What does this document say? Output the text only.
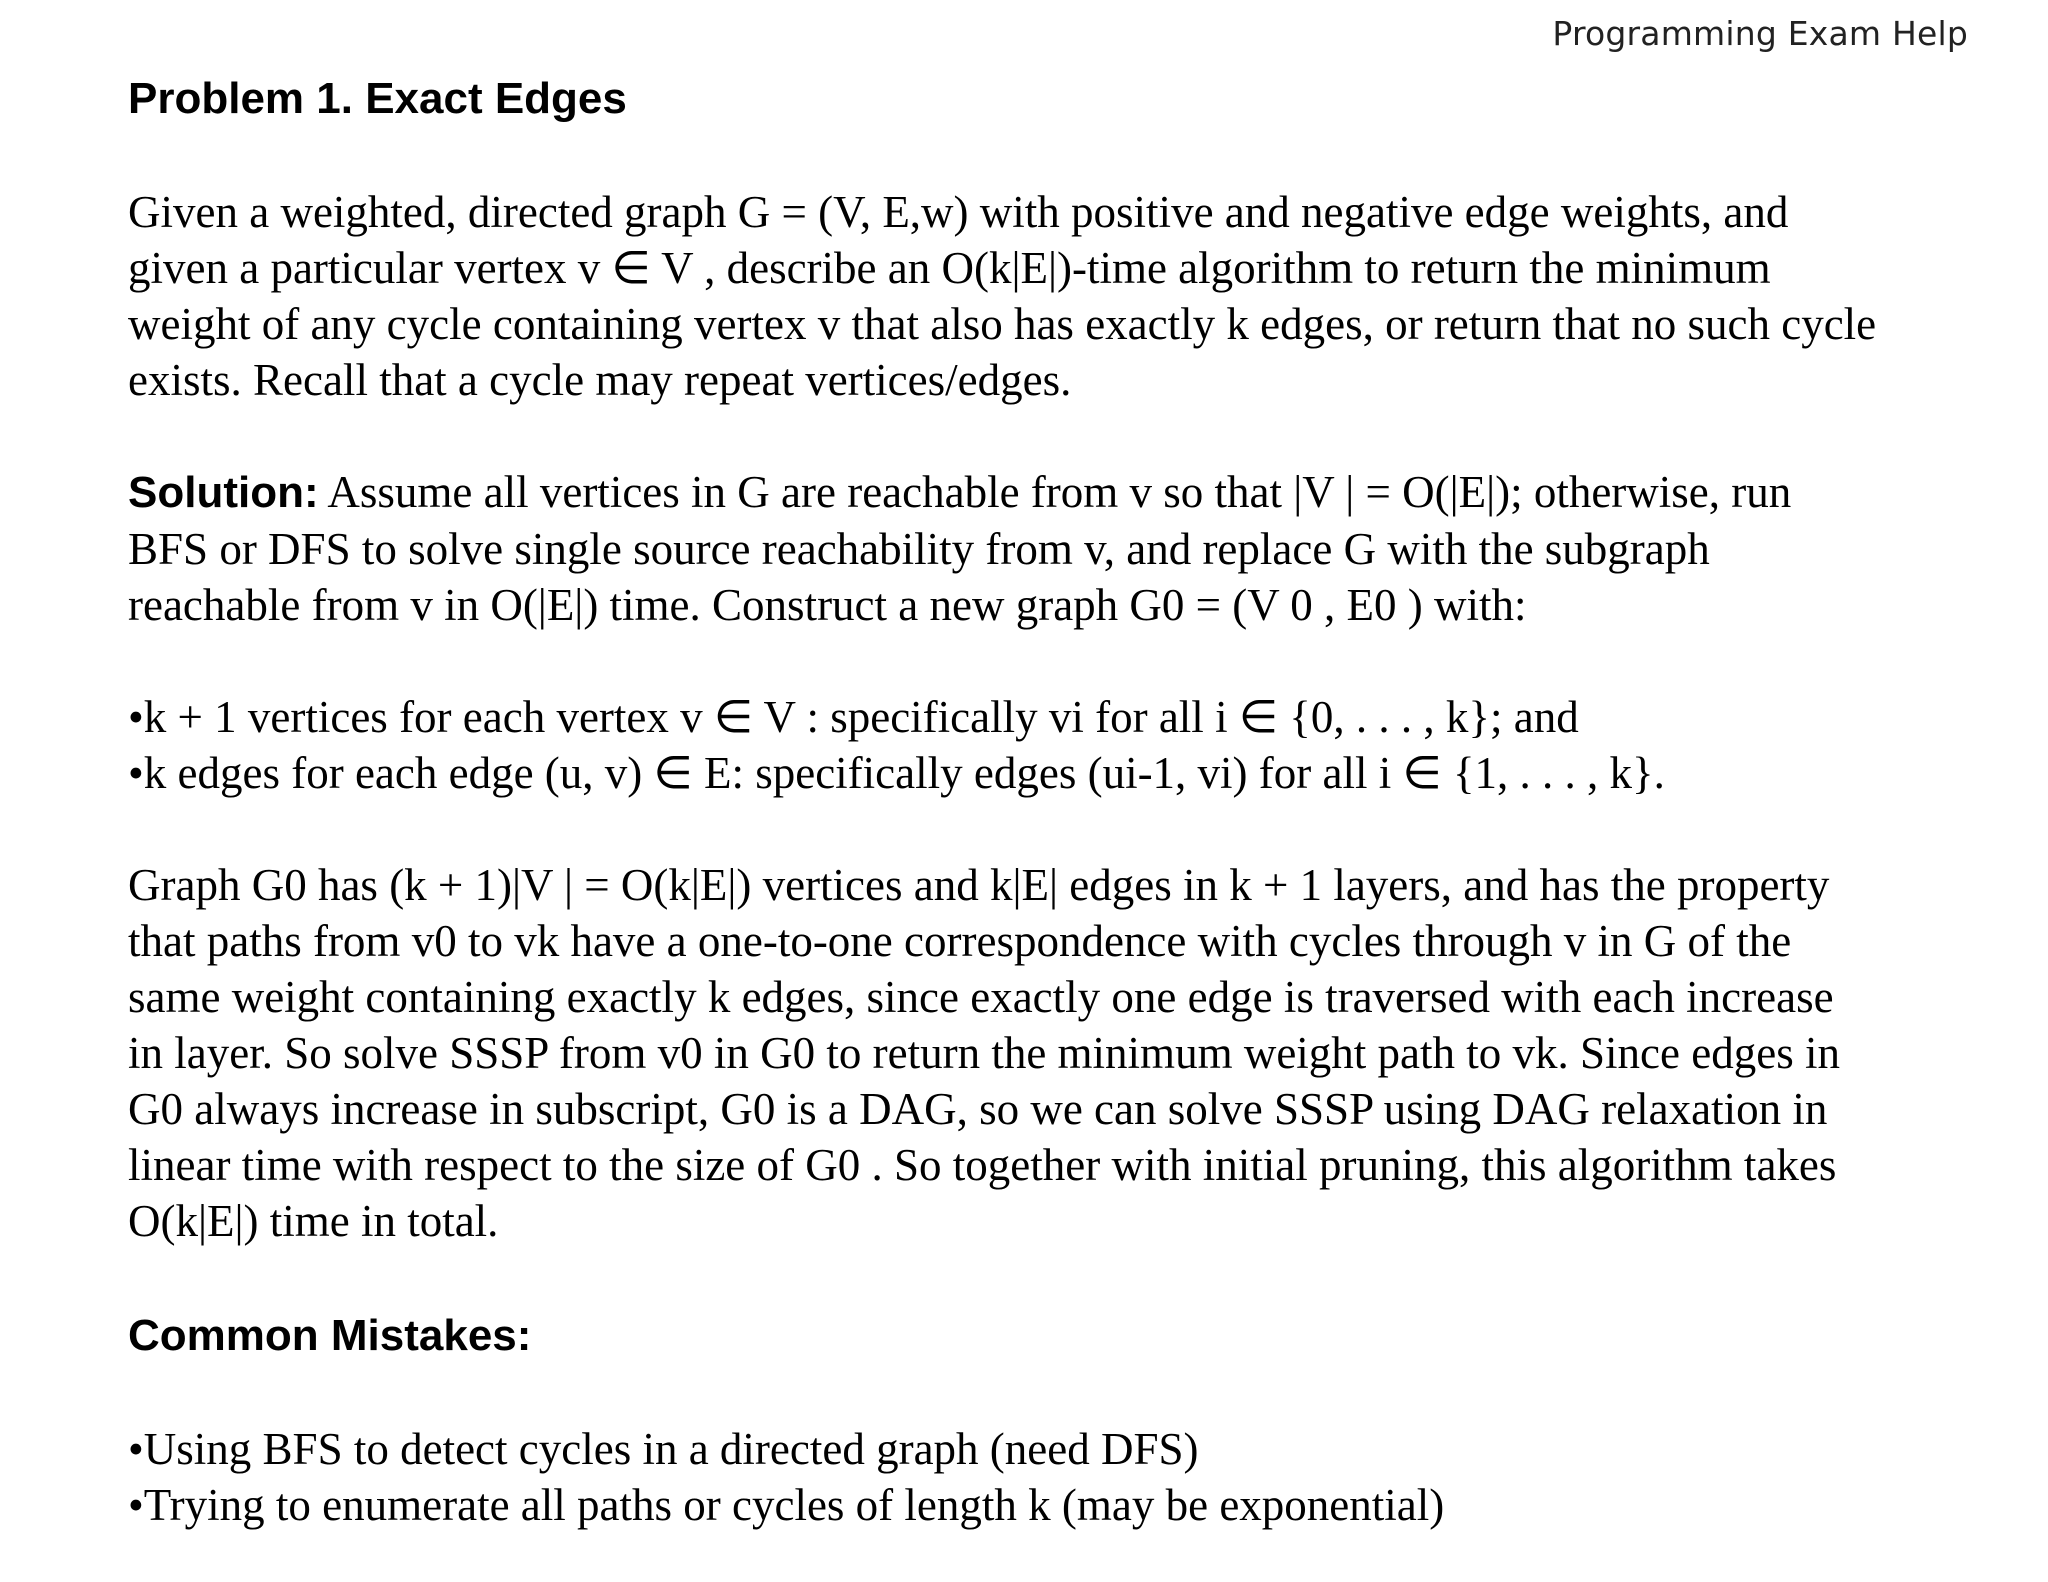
Programming Exam Help
Problem 1. Exact Edges

Given a weighted, directed graph G = (V, E,w) with positive and negative edge weights, and
given a particular vertex v ∈ V , describe an O(k|E|)-time algorithm to return the minimum
weight of any cycle containing vertex v that also has exactly k edges, or return that no such cycle
exists. Recall that a cycle may repeat vertices/edges.

Solution: Assume all vertices in G are reachable from v so that |V | = O(|E|); otherwise, run
BFS or DFS to solve single source reachability from v, and replace G with the subgraph
reachable from v in O(|E|) time. Construct a new graph G0 = (V 0 , E0 ) with:

• k + 1 vertices for each vertex v ∈ V : specifically vi for all i ∈ {0, . . . , k}; and
• k edges for each edge (u, v) ∈ E: specifically edges (ui-1, vi) for all i ∈ {1, . . . , k}.

Graph G0 has (k + 1)|V | = O(k|E|) vertices and k|E| edges in k + 1 layers, and has the property
that paths from v0 to vk have a one-to-one correspondence with cycles through v in G of the
same weight containing exactly k edges, since exactly one edge is traversed with each increase
in layer. So solve SSSP from v0 in G0 to return the minimum weight path to vk. Since edges in
G0 always increase in subscript, G0 is a DAG, so we can solve SSSP using DAG relaxation in
linear time with respect to the size of G0 . So together with initial pruning, this algorithm takes
O(k|E|) time in total.

Common Mistakes:
• Using BFS to detect cycles in a directed graph (need DFS)
• Trying to enumerate all paths or cycles of length k (may be exponential)
